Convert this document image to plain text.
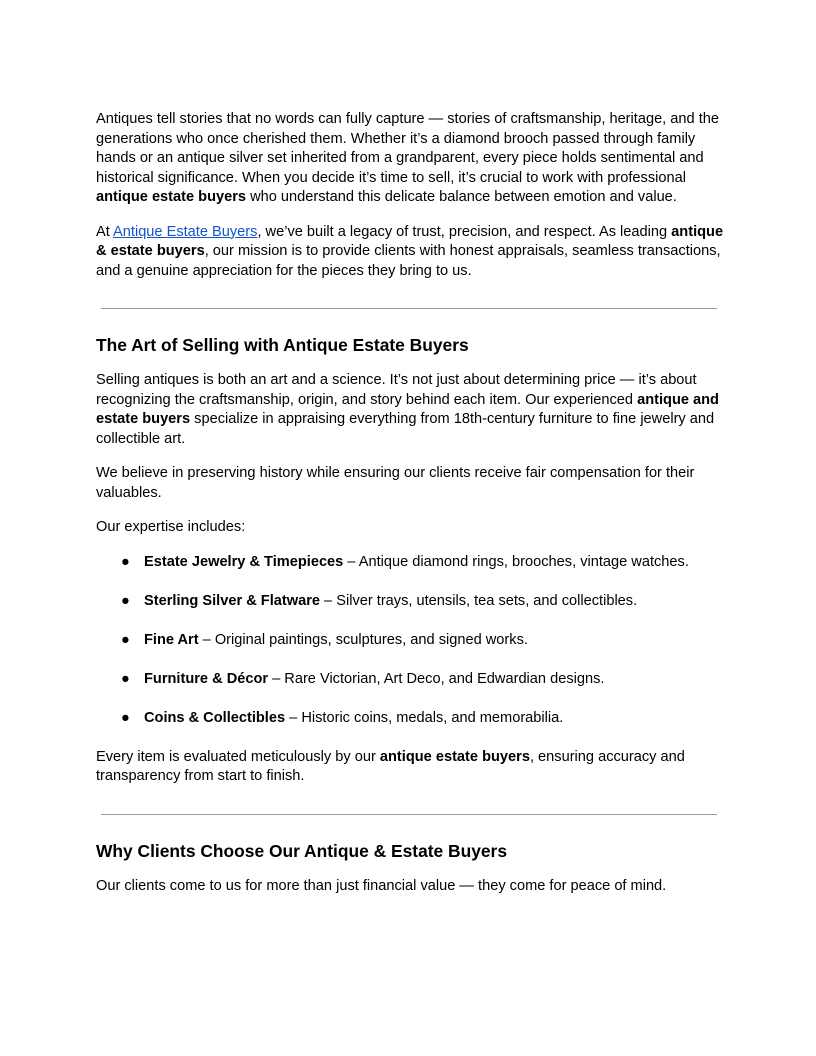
Antiques tell stories that no words can fully capture — stories of craftsmanship, heritage, and the generations who once cherished them. Whether it’s a diamond brooch passed through family hands or an antique silver set inherited from a grandparent, every piece holds sentimental and historical significance. When you decide it’s time to sell, it’s crucial to work with professional antique estate buyers who understand this delicate balance between emotion and value.

At Antique Estate Buyers, we’ve built a legacy of trust, precision, and respect. As leading antique & estate buyers, our mission is to provide clients with honest appraisals, seamless transactions, and a genuine appreciation for the pieces they bring to us.

The Art of Selling with Antique Estate Buyers

Selling antiques is both an art and a science. It’s not just about determining price — it’s about recognizing the craftsmanship, origin, and story behind each item. Our experienced antique and estate buyers specialize in appraising everything from 18th-century furniture to fine jewelry and collectible art.

We believe in preserving history while ensuring our clients receive fair compensation for their valuables.

Our expertise includes:

● Estate Jewelry & Timepieces – Antique diamond rings, brooches, vintage watches.
● Sterling Silver & Flatware – Silver trays, utensils, tea sets, and collectibles.
● Fine Art – Original paintings, sculptures, and signed works.
● Furniture & Décor – Rare Victorian, Art Deco, and Edwardian designs.
● Coins & Collectibles – Historic coins, medals, and memorabilia.

Every item is evaluated meticulously by our antique estate buyers, ensuring accuracy and transparency from start to finish.

Why Clients Choose Our Antique & Estate Buyers

Our clients come to us for more than just financial value — they come for peace of mind.
